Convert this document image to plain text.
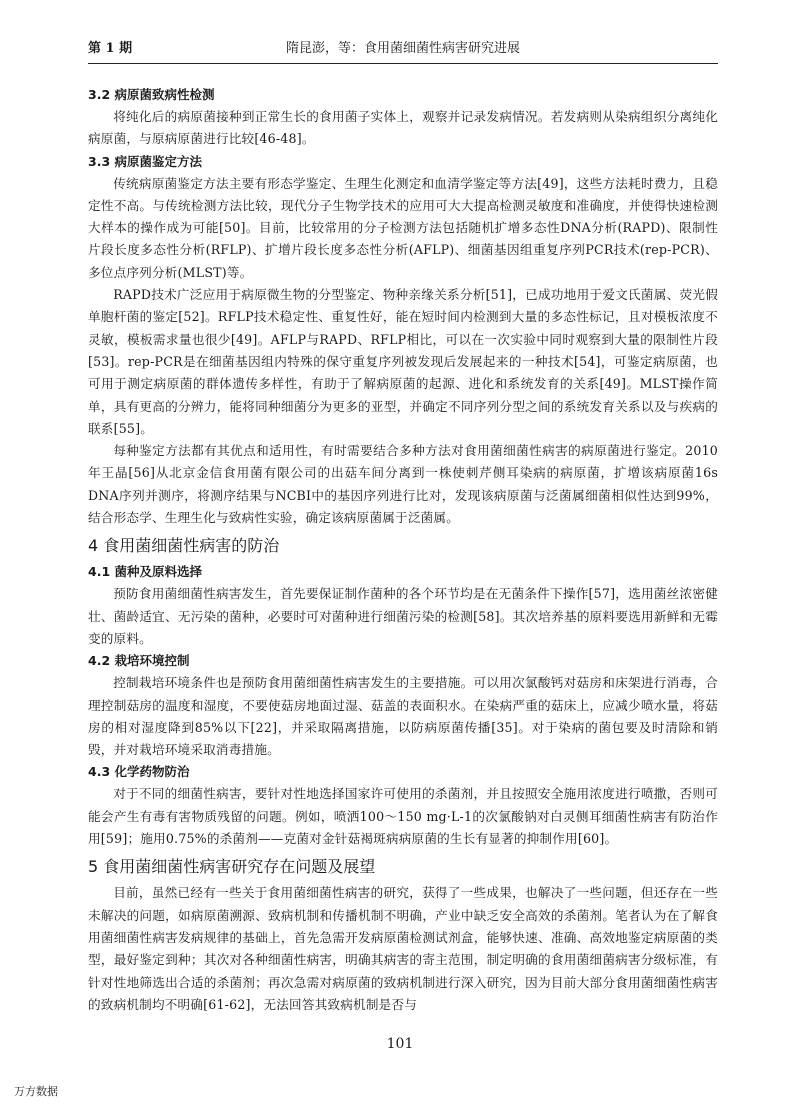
第 1 期	隋昆澎，等：食用菌细菌性病害研究进展
3.2 病原菌致病性检测

将纯化后的病原菌接种到正常生长的食用菌子实体上，观察并记录发病情况。若发病则从染病组织分离纯化病原菌，与原病原菌进行比较[46-48]。

3.3 病原菌鉴定方法

传统病原菌鉴定方法主要有形态学鉴定、生理生化测定和血清学鉴定等方法[49]，这些方法耗时费力，且稳定性不高。与传统检测方法比较，现代分子生物学技术的应用可大大提高检测灵敏度和准确度，并使得快速检测大样本的操作成为可能[50]。目前，比较常用的分子检测方法包括随机扩增多态性DNA分析(RAPD)、限制性片段长度多态性分析(RFLP)、扩增片段长度多态性分析(AFLP)、细菌基因组重复序列PCR技术(rep-PCR)、多位点序列分析(MLST)等。

RAPD技术广泛应用于病原微生物的分型鉴定、物种亲缘关系分析[51]，已成功地用于爱文氏菌属、荧光假单胞杆菌的鉴定[52]。RFLP技术稳定性、重复性好，能在短时间内检测到大量的多态性标记，且对模板浓度不灵敏，模板需求量也很少[49]。AFLP与RAPD、RFLP相比，可以在一次实验中同时观察到大量的限制性片段[53]。rep-PCR是在细菌基因组内特殊的保守重复序列被发现后发展起来的一种技术[54]，可鉴定病原菌，也可用于测定病原菌的群体遗传多样性，有助于了解病原菌的起源、进化和系统发育的关系[49]。MLST操作简单，具有更高的分辨力，能将同种细菌分为更多的亚型，并确定不同序列分型之间的系统发育关系以及与疾病的联系[55]。

每种鉴定方法都有其优点和适用性，有时需要结合多种方法对食用菌细菌性病害的病原菌进行鉴定。2010年王晶[56]从北京金信食用菌有限公司的出菇车间分离到一株使刺芹侧耳染病的病原菌，扩增该病原菌16s DNA序列并测序，将测序结果与NCBI中的基因序列进行比对，发现该病原菌与泛菌属细菌相似性达到99%，结合形态学、生理生化与致病性实验，确定该病原菌属于泛菌属。

4 食用菌细菌性病害的防治
4.1 菌种及原料选择

预防食用菌细菌性病害发生，首先要保证制作菌种的各个环节均是在无菌条件下操作[57]，选用菌丝浓密健壮、菌龄适宜、无污染的菌种，必要时可对菌种进行细菌污染的检测[58]。其次培养基的原料要选用新鲜和无霉变的原料。

4.2 栽培环境控制

控制栽培环境条件也是预防食用菌细菌性病害发生的主要措施。可以用次氯酸钙对菇房和床架进行消毒，合理控制菇房的温度和湿度，不要使菇房地面过湿、菇盖的表面积水。在染病严重的菇床上，应减少喷水量，将菇房的相对湿度降到85%以下[22]，并采取隔离措施，以防病原菌传播[35]。对于染病的菌包要及时清除和销毁，并对栽培环境采取消毒措施。

4.3 化学药物防治

对于不同的细菌性病害，要针对性地选择国家许可使用的杀菌剂，并且按照安全施用浓度进行喷撒，否则可能会产生有毒有害物质残留的问题。例如，喷洒100～150 mg·L-1的次氯酸钠对白灵侧耳细菌性病害有防治作用[59]；施用0.75%的杀菌剂——克菌对金针菇褐斑病病原菌的生长有显著的抑制作用[60]。

5 食用菌细菌性病害研究存在问题及展望

目前，虽然已经有一些关于食用菌细菌性病害的研究，获得了一些成果，也解决了一些问题，但还存在一些未解决的问题，如病原菌溯源、致病机制和传播机制不明确，产业中缺乏安全高效的杀菌剂。笔者认为在了解食用菌细菌性病害发病规律的基础上，首先急需开发病原菌检测试剂盒，能够快速、准确、高效地鉴定病原菌的类型，最好鉴定到种；其次对各种细菌性病害，明确其病害的寄主范围，制定明确的食用菌细菌病害分级标准，有针对性地筛选出合适的杀菌剂；再次急需对病原菌的致病机制进行深入研究，因为目前大部分食用菌细菌性病害的致病机制均不明确[61-62]，无法回答其致病机制是否与

101
万方数据
